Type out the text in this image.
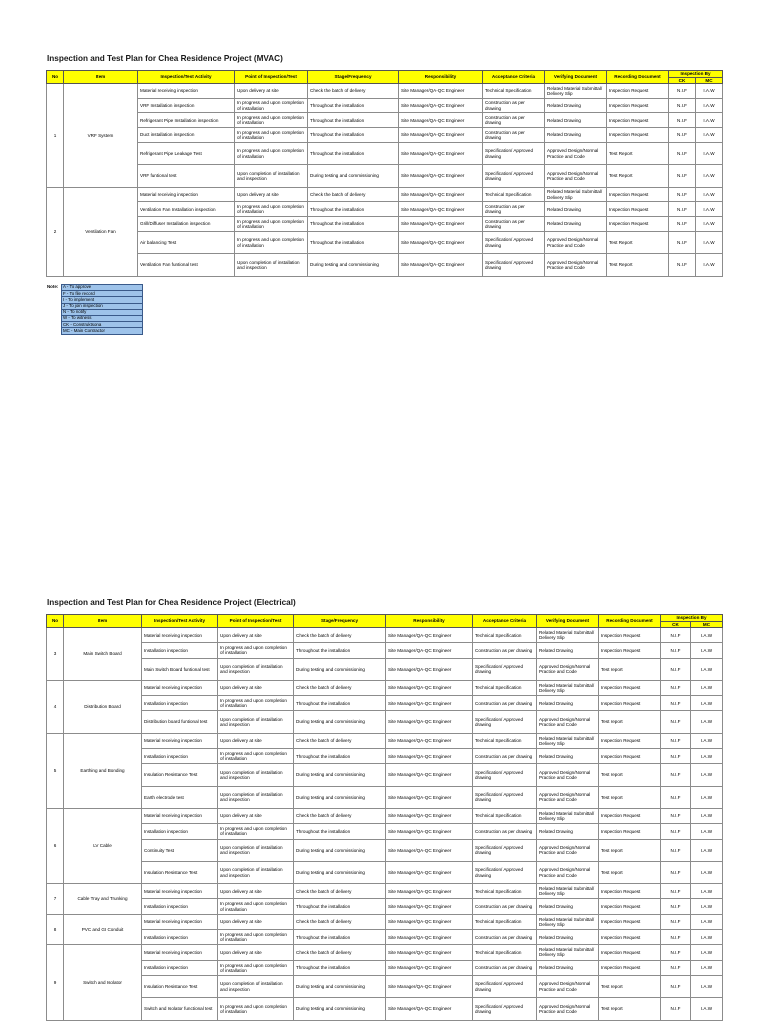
Inspection and Test Plan for Chea Residence Project (MVAC)
No	Item	Inspection/Test Activity	Point of Inspection/Test	Stage/Frequency	Responsibility	Acceptance Criteria	Verifying Document	Recording Document	Inspection By	
									CK	MC
1	VRF System	Material receiving inspection	Upon delivery at site	Check the batch of delivery	Site Manager/QA-QC Engineer	Technical Specification	Related Material Submittal/ Delivery Slip	Inspection Request	N.I.F	I.A.W
		VRF Installation inspection	In progress and upon completion of installation	Throughout the installation	Site Manager/QA-QC Engineer	Construction as per drawing	Related Drawing	Inspection Request	N.I.F	I.A.W
		Refrigerant Pipe Installation inspection	In progress and upon completion of installation	Throughout the installation	Site Manager/QA-QC Engineer	Construction as per drawing	Related Drawing	Inspection Request	N.I.F	I.A.W
		Duct installation inspection	In progress and upon completion of installation	Throughout the installation	Site Manager/QA-QC Engineer	Construction as per drawing	Related Drawing	Inspection Request	N.I.F	I.A.W
		Refrigerant Pipe Leakage Test	In progress and upon completion of installation	Throughout the installation	Site Manager/QA-QC Engineer	Specification/ Approved drawing	Approved Design/Normal Practice and Code	Test Report	N.I.F	I.A.W
		VRF funtional test	Upon completion of installation and inspection	During testing and commissioning	Site Manager/QA-QC Engineer	Specification/ Approved drawing	Approved Design/Normal Practice and Code	Test Report	N.I.F	I.A.W
2	Ventilation Fan	Material receiving inspection	Upon delivery at site	Check the batch of delivery	Site Manager/QA-QC Engineer	Technical Specification	Related Material Submittal/ Delivery Slip	Inspection Request	N.I.F	I.A.W
		Ventilation Fan Installation inspection	In progress and upon completion of installation	Throughout the installation	Site Manager/QA-QC Engineer	Construction as per drawing	Related Drawing	Inspection Request	N.I.F	I.A.W
		Grill/Diffuser Installation inspection	In progress and upon completion of installation	Throughout the installation	Site Manager/QA-QC Engineer	Construction as per drawing	Related Drawing	Inspection Request	N.I.F	I.A.W
		Air balancing Test	In progress and upon completion of installation	Throughout the installation	Site Manager/QA-QC Engineer	Specification/ Approved drawing	Approved Design/Normal Practice and Code	Test Report	N.I.F	I.A.W
		Ventilation Fan funtional test	Upon completion of installation and inspection	During testing and commissioning	Site Manager/QA-QC Engineer	Specification/ Approved drawing	Approved Design/Normal Practice and Code	Test Report	N.I.F	I.A.W
Note:	A - To approve
	F - To file record
	I - To implement
	J - To join inspection
	N - To notify
	W - To witness
	CK - Construktsona
	MC - Main Contractor
Inspection and Test Plan for Chea Residence Project (Electrical)
No	Item	Inspection/Test Activity	Point of Inspection/Test	Stage/Frequency	Responsibility	Acceptance Criteria	Verifying Document	Recording Document	Inspection By	
									CK	MC
3	Main Switch Board	Material receiving inspection	Upon delivery at site	Check the batch of delivery	Site Manager/QA-QC Engineer	Technical Specification	Related Material Submittal/ Delivery Slip	Inspection Request	N.I.F	I.A.W
		Installation inspection	In progress and upon completion of installation	Throughout the installation	Site Manager/QA-QC Engineer	Construction as per drawing	Related Drawing	Inspection Request	N.I.F	I.A.W
		Main Switch Board funtional test	Upon completion of installation and inspection	During testing and commissioning	Site Manager/QA-QC Engineer	Specification/ Approved drawing	Approved Design/Normal Practice and Code	Test report	N.I.F	I.A.W
4	Distribution Board	Material receiving inspection	Upon delivery at site	Check the batch of delivery	Site Manager/QA-QC Engineer	Technical Specification	Related Material Submittal/ Delivery Slip	Inspection Request	N.I.F	I.A.W
		Installation inspection	In progress and upon completion of installation	Throughout the installation	Site Manager/QA-QC Engineer	Construction as per drawing	Related Drawing	Inspection Request	N.I.F	I.A.W
		Distribution board funtional test	Upon completion of installation and inspection	During testing and commissioning	Site Manager/QA-QC Engineer	Specification/ Approved drawing	Approved Design/Normal Practice and Code	Test report	N.I.F	I.A.W
5	Earthing and Bonding	Material receiving inspection	Upon delivery at site	Check the batch of delivery	Site Manager/QA-QC Engineer	Technical Specification	Related Material Submittal/ Delivery Slip	Inspection Request	N.I.F	I.A.W
		Installation inspection	In progress and upon completion of installation	Throughout the installation	Site Manager/QA-QC Engineer	Construction as per drawing	Related Drawing	Inspection Request	N.I.F	I.A.W
		Insulation Resistance Test	Upon completion of installation and inspection	During testing and commissioning	Site Manager/QA-QC Engineer	Specification/ Approved drawing	Approved Design/Normal Practice and Code	Test report	N.I.F	I.A.W
		Earth electrode test	Upon completion of installation and inspection	During testing and commissioning	Site Manager/QA-QC Engineer	Specification/ Approved drawing	Approved Design/Normal Practice and Code	Test report	N.I.F	I.A.W
6	LV Cable	Material receiving inspection	Upon delivery at site	Check the batch of delivery	Site Manager/QA-QC Engineer	Technical Specification	Related Material Submittal/ Delivery Slip	Inspection Request	N.I.F	I.A.W
		Installation inspection	In progress and upon completion of installation	Throughout the installation	Site Manager/QA-QC Engineer	Construction as per drawing	Related Drawing	Inspection Request	N.I.F	I.A.W
		Continuity Test	Upon completion of installation and inspection	During testing and commissioning	Site Manager/QA-QC Engineer	Specification/ Approved drawing	Approved Design/Normal Practice and Code	Test report	N.I.F	I.A.W
		Insulation Resistance Test	Upon completion of installation and inspection	During testing and commissioning	Site Manager/QA-QC Engineer	Specification/ Approved drawing	Approved Design/Normal Practice and Code	Test report	N.I.F	I.A.W
7	Cable Tray and Trunking	Material receiving inspection	Upon delivery at site	Check the batch of delivery	Site Manager/QA-QC Engineer	Technical Specification	Related Material Submittal/ Delivery Slip	Inspection Request	N.I.F	I.A.W
		Installation inspection	In progress and upon completion of installation	Throughout the installation	Site Manager/QA-QC Engineer	Construction as per drawing	Related Drawing	Inspection Request	N.I.F	I.A.W
8	PVC and GI Conduit	Material receiving inspection	Upon delivery at site	Check the batch of delivery	Site Manager/QA-QC Engineer	Technical Specification	Related Material Submittal/ Delivery Slip	Inspection Request	N.I.F	I.A.W
		Installation inspection	In progress and upon completion of installation	Throughout the installation	Site Manager/QA-QC Engineer	Construction as per drawing	Related Drawing	Inspection Request	N.I.F	I.A.W
9	Switch and Isolator	Material receiving inspection	Upon delivery at site	Check the batch of delivery	Site Manager/QA-QC Engineer	Technical Specification	Related Material Submittal/ Delivery Slip	Inspection Request	N.I.F	I.A.W
		Installation inspection	In progress and upon completion of installation	Throughout the installation	Site Manager/QA-QC Engineer	Construction as per drawing	Related Drawing	Inspection Request	N.I.F	I.A.W
		Insulation Resistance Test	Upon completion of installation and inspection	During testing and commissioning	Site Manager/QA-QC Engineer	Specification/ Approved drawing	Approved Design/Normal Practice and Code	Test report	N.I.F	I.A.W
		Switch and Isolator functional test	In progress and upon completion of installation	During testing and commissioning	Site Manager/QA-QC Engineer	Specification/ Approved drawing	Approved Design/Normal Practice and Code	Test report	N.I.F	I.A.W
